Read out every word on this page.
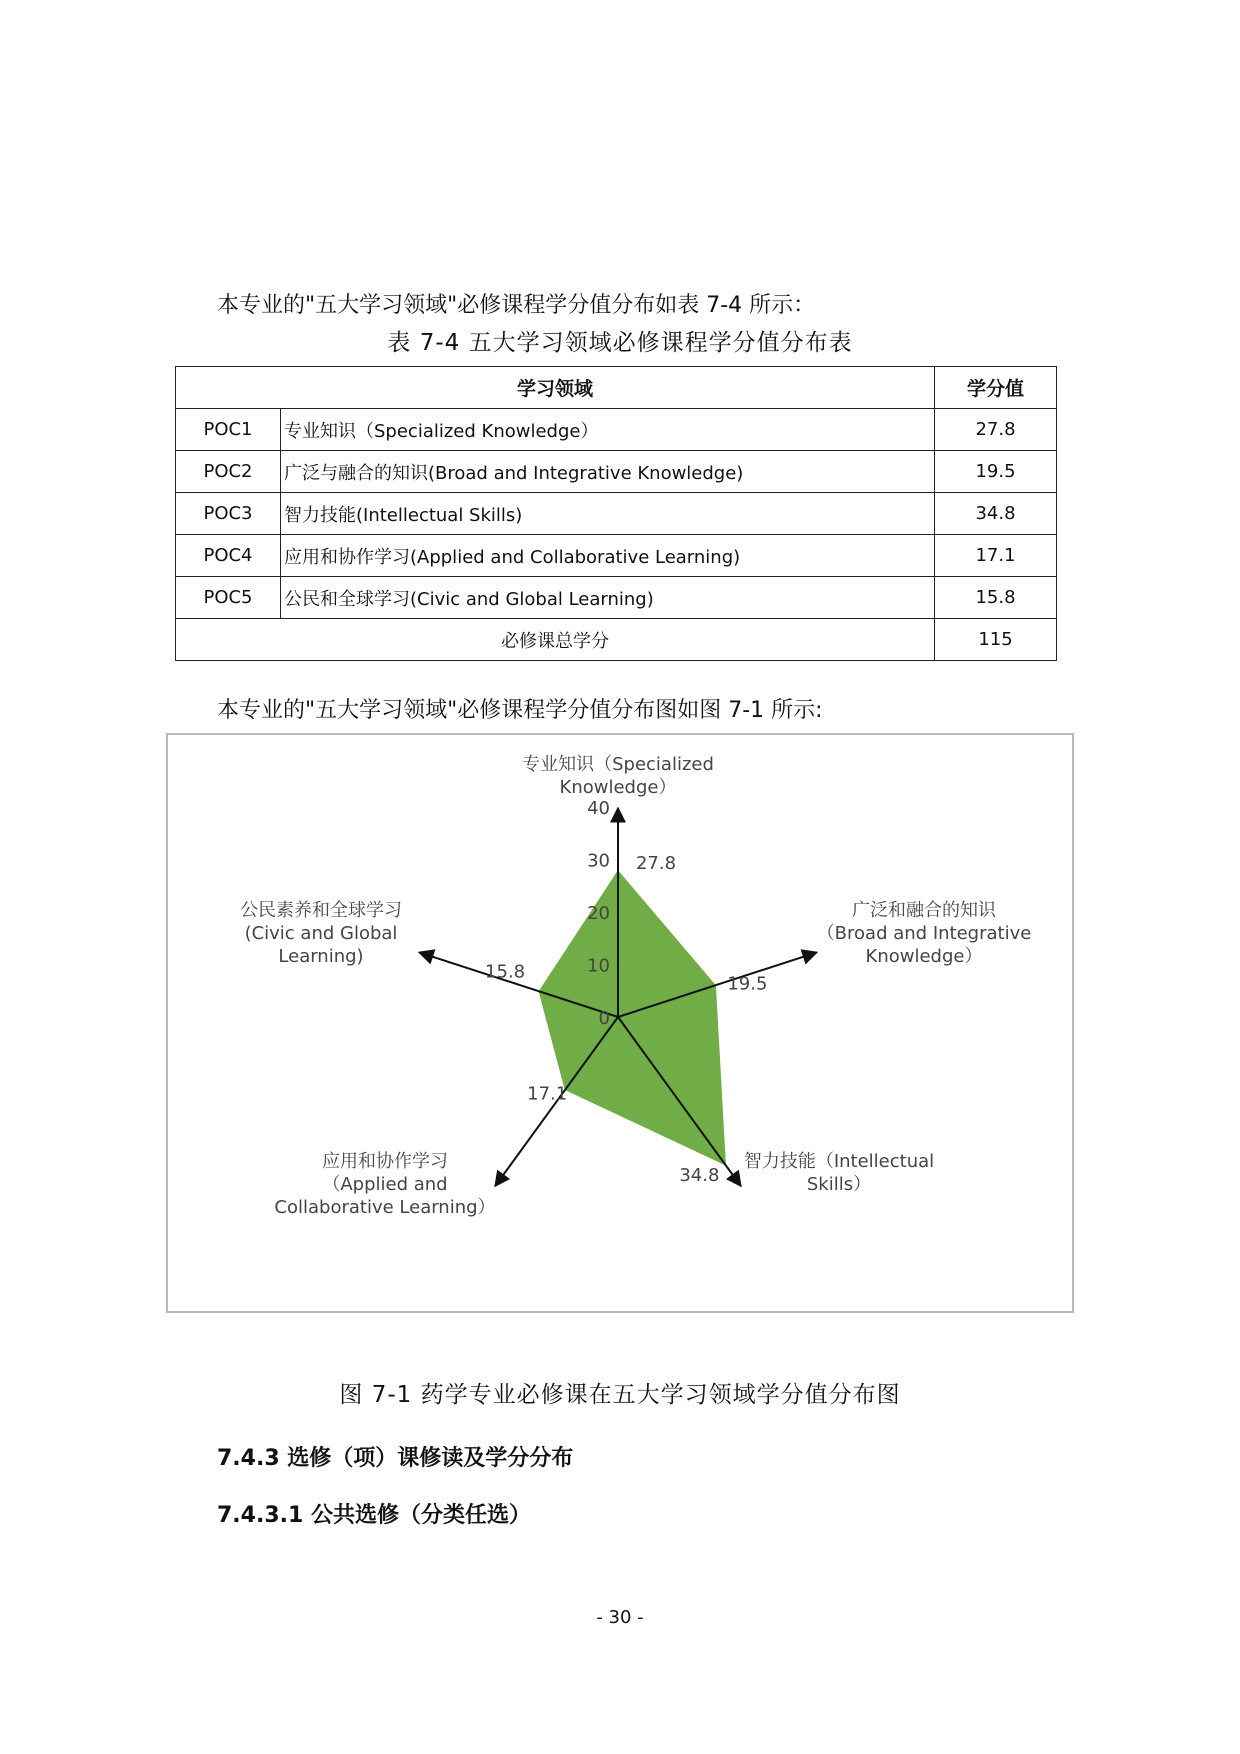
本专业的"五大学习领域"必修课程学分值分布如表 7-4 所示：
表 7-4 五大学习领域必修课程学分值分布表
学习领域		学分值
POC1	专业知识（Specialized Knowledge）	27.8
POC2	广泛与融合的知识(Broad and Integrative Knowledge)	19.5
POC3	智力技能(Intellectual Skills)	34.8
POC4	应用和协作学习(Applied and Collaborative Learning)	17.1
POC5	公民和全球学习(Civic and Global Learning)	15.8
必修课总学分		115
本专业的"五大学习领域"必修课程学分值分布图如图 7-1 所示:
0
10
20
30
40
27.8
19.5
34.8
17.1
15.8
专业知识（Specialized Knowledge）
广泛和融合的知识（Broad and Integrative Knowledge）
智力技能（Intellectual Skills）
应用和协作学习（Applied and Collaborative Learning）
公民素养和全球学习(Civic and Global Learning)
图 7-1 药学专业必修课在五大学习领域学分值分布图
7.4.3 选修（项）课修读及学分分布
7.4.3.1 公共选修（分类任选）
- 30 -
